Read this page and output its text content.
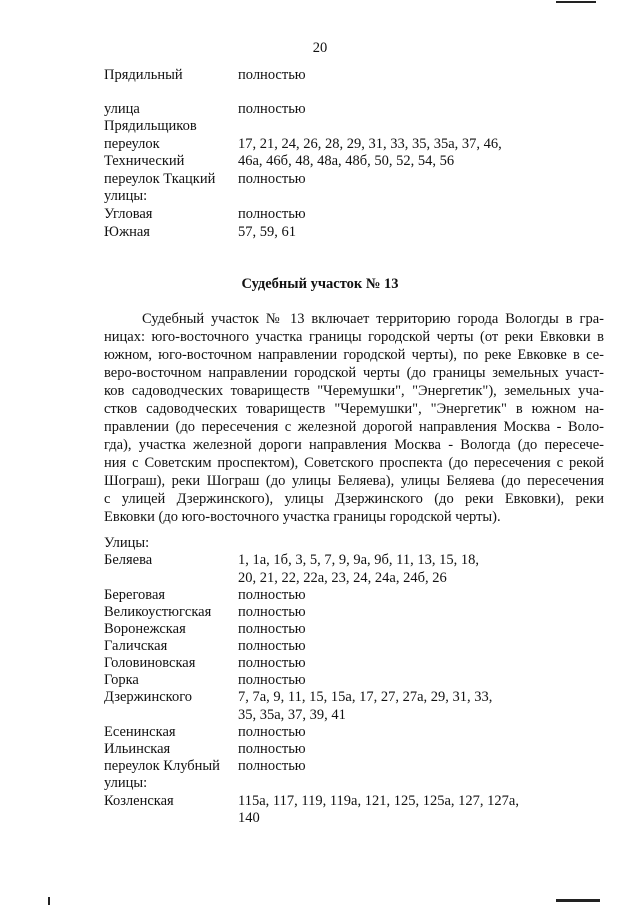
20
Прядильный	полностью
улица	полностью
Прядильщиков
переулок	17, 21, 24, 26, 28, 29, 31, 33, 35, 35а, 37, 46,
Технический	46а, 46б, 48, 48а, 48б, 50, 52, 54, 56
переулок Ткацкий полностью
улицы:
Угловая	полностью
Южная	57, 59, 61
Судебный участок № 13
Судебный участок № 13 включает территорию города Вологды в гра-
ницах: юго-восточного участка границы городской черты (от реки Евковки в
южном, юго-восточном направлении городской черты), по реке Евковке в се-
веро-восточном направлении городской черты (до границы земельных участ-
ков садоводческих товариществ "Черемушки", "Энергетик"), земельных уча-
стков садоводческих товариществ "Черемушки", "Энергетик" в южном на-
правлении (до пересечения с железной дорогой направления Москва - Воло-
гда), участка железной дороги направления Москва - Вологда (до пересече-
ния с Советским проспектом), Советского проспекта (до пересечения с рекой
Шограш), реки Шограш (до улицы Беляева), улицы Беляева (до пересечения
с улицей Дзержинского), улицы Дзержинского (до реки Евковки), реки
Евковки (до юго-восточного участка границы городской черты).
Улицы:
Беляева	1, 1а, 1б, 3, 5, 7, 9, 9а, 9б, 11, 13, 15, 18,
20, 21, 22, 22а, 23, 24, 24а, 24б, 26
Береговая	полностью
Великоустюгская полностью
Воронежская	полностью
Галичская	полностью
Головиновская	полностью
Горка	полностью
Дзержинского	7, 7а, 9, 11, 15, 15а, 17, 27, 27а, 29, 31, 33,
35, 35а, 37, 39, 41
Есенинская	полностью
Ильинская	полностью
переулок Клубный полностью
улицы:
Козленская	115а, 117, 119, 119а, 121, 125, 125а, 127, 127а,
140
